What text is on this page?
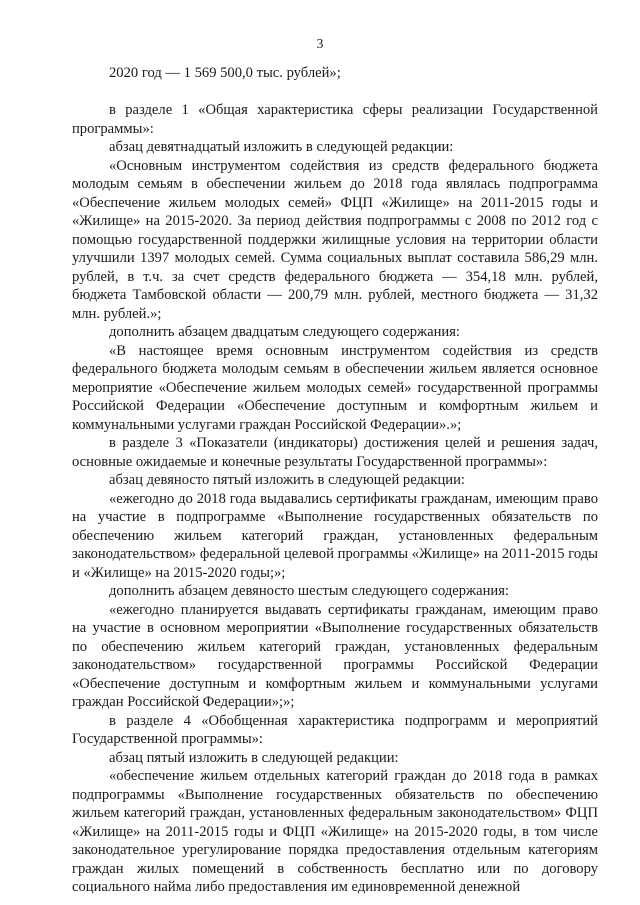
3

2020 год — 1 569 500,0 тыс. рублей»;

в разделе 1 «Общая характеристика сферы реализации Государственной программы»:

абзац девятнадцатый изложить в следующей редакции:

«Основным инструментом содействия из средств федерального бюджета молодым семьям в обеспечении жильем до 2018 года являлась подпрограмма «Обеспечение жильем молодых семей» ФЦП «Жилище» на 2011-2015 годы и «Жилище» на 2015-2020. За период действия подпрограммы с 2008 по 2012 год с помощью государственной поддержки жилищные условия на территории области улучшили 1397 молодых семей. Сумма социальных выплат составила 586,29 млн. рублей, в т.ч. за счет средств федерального бюджета — 354,18 млн. рублей, бюджета Тамбовской области — 200,79 млн. рублей, местного бюджета — 31,32 млн. рублей.»;

дополнить абзацем двадцатым следующего содержания:

«В настоящее время основным инструментом содействия из средств федерального бюджета молодым семьям в обеспечении жильем является основное мероприятие «Обеспечение жильем молодых семей» государственной программы Российской Федерации «Обеспечение доступным и комфортным жильем и коммунальными услугами граждан Российской Федерации».»;

в разделе 3 «Показатели (индикаторы) достижения целей и решения задач, основные ожидаемые и конечные результаты Государственной программы»:

абзац девяносто пятый изложить в следующей редакции:

«ежегодно до 2018 года выдавались сертификаты гражданам, имеющим право на участие в подпрограмме «Выполнение государственных обязательств по обеспечению жильем категорий граждан, установленных федеральным законодательством» федеральной целевой программы «Жилище» на 2011-2015 годы и «Жилище» на 2015-2020 годы;»;

дополнить абзацем девяносто шестым следующего содержания:

«ежегодно планируется выдавать сертификаты гражданам, имеющим право на участие в основном мероприятии «Выполнение государственных обязательств по обеспечению жильем категорий граждан, установленных федеральным законодательством» государственной программы Российской Федерации «Обеспечение доступным и комфортным жильем и коммунальными услугами граждан Российской Федерации»;»;

в разделе 4 «Обобщенная характеристика подпрограмм и мероприятий Государственной программы»:

абзац пятый изложить в следующей редакции:

«обеспечение жильем отдельных категорий граждан до 2018 года в рамках подпрограммы «Выполнение государственных обязательств по обеспечению жильем категорий граждан, установленных федеральным законодательством» ФЦП «Жилище» на 2011-2015 годы и ФЦП «Жилище» на 2015-2020 годы, в том числе законодательное урегулирование порядка предоставления отдельным категориям граждан жилых помещений в собственность бесплатно или по договору социального найма либо предоставления им единовременной денежной
